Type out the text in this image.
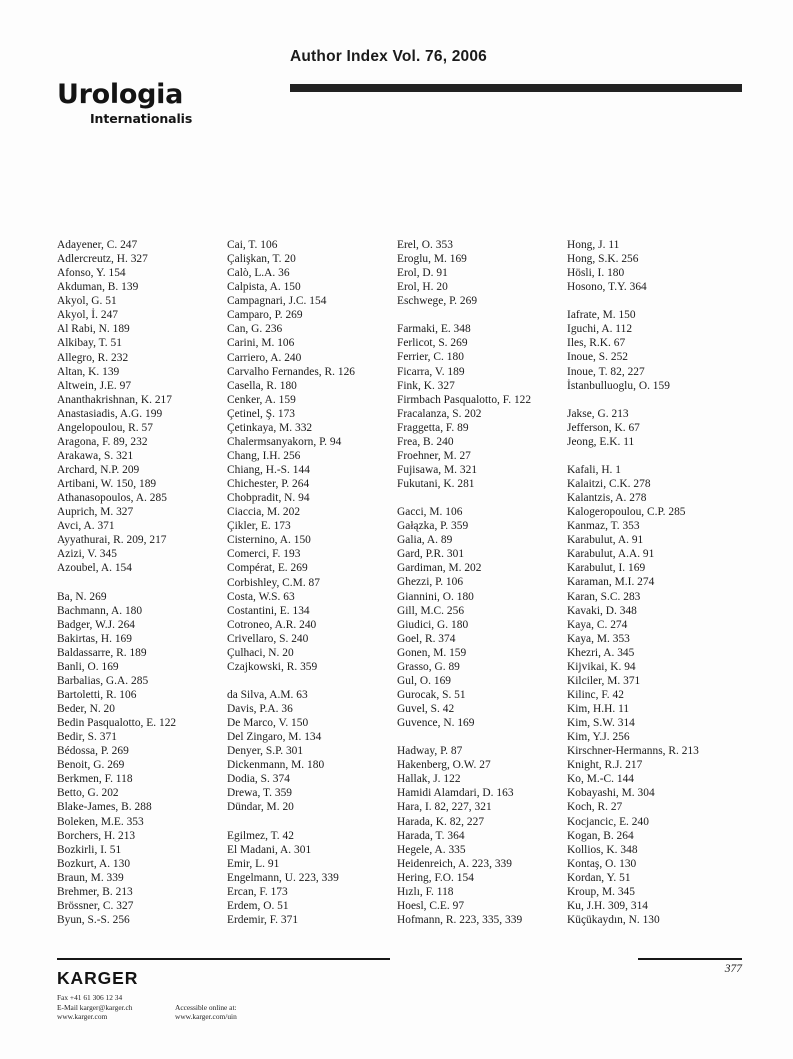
Author Index Vol. 76, 2006
Urologia
Internationalis
Adayener, C. 247
Adlercreutz, H. 327
Afonso, Y. 154
Akduman, B. 139
Akyol, G. 51
Akyol, İ. 247
Al Rabi, N. 189
Alkibay, T. 51
Allegro, R. 232
Altan, K. 139
Altwein, J.E. 97
Ananthakrishnan, K. 217
Anastasiadis, A.G. 199
Angelopoulou, R. 57
Aragona, F. 89, 232
Arakawa, S. 321
Archard, N.P. 209
Artibani, W. 150, 189
Athanasopoulos, A. 285
Auprich, M. 327
Avci, A. 371
Ayyathurai, R. 209, 217
Azizi, V. 345
Azoubel, A. 154
Ba, N. 269
Bachmann, A. 180
Badger, W.J. 264
Bakirtas, H. 169
Baldassarre, R. 189
Banli, O. 169
Barbalias, G.A. 285
Bartoletti, R. 106
Beder, N. 20
Bedin Pasqualotto, E. 122
Bedir, S. 371
Bédossa, P. 269
Benoit, G. 269
Berkmen, F. 118
Betto, G. 202
Blake-James, B. 288
Boleken, M.E. 353
Borchers, H. 213
Bozkirli, I. 51
Bozkurt, A. 130
Braun, M. 339
Brehmer, B. 213
Brössner, C. 327
Byun, S.-S. 256
Cai, T. 106
Çalişkan, T. 20
Calò, L.A. 36
Calpista, A. 150
Campagnari, J.C. 154
Camparo, P. 269
Can, G. 236
Carini, M. 106
Carriero, A. 240
Carvalho Fernandes, R. 126
Casella, R. 180
Cenker, A. 159
Çetinel, Ş. 173
Çetinkaya, M. 332
Chalermsanyakorn, P. 94
Chang, I.H. 256
Chiang, H.-S. 144
Chichester, P. 264
Chobpradit, N. 94
Ciaccia, M. 202
Çikler, E. 173
Cisternino, A. 150
Comerci, F. 193
Compérat, E. 269
Corbishley, C.M. 87
Costa, W.S. 63
Costantini, E. 134
Cotroneo, A.R. 240
Crivellaro, S. 240
Çulhaci, N. 20
Czajkowski, R. 359
da Silva, A.M. 63
Davis, P.A. 36
De Marco, V. 150
Del Zingaro, M. 134
Denyer, S.P. 301
Dickenmann, M. 180
Dodia, S. 374
Drewa, T. 359
Dündar, M. 20
Egilmez, T. 42
El Madani, A. 301
Emir, L. 91
Engelmann, U. 223, 339
Ercan, F. 173
Erdem, O. 51
Erdemir, F. 371
Erel, O. 353
Eroglu, M. 169
Erol, D. 91
Erol, H. 20
Eschwege, P. 269
Farmaki, E. 348
Ferlicot, S. 269
Ferrier, C. 180
Ficarra, V. 189
Fink, K. 327
Firmbach Pasqualotto, F. 122
Fracalanza, S. 202
Fraggetta, F. 89
Frea, B. 240
Froehner, M. 27
Fujisawa, M. 321
Fukutani, K. 281
Gacci, M. 106
Gałązka, P. 359
Galia, A. 89
Gard, P.R. 301
Gardiman, M. 202
Ghezzi, P. 106
Giannini, O. 180
Gill, M.C. 256
Giudici, G. 180
Goel, R. 374
Gonen, M. 159
Grasso, G. 89
Gul, O. 169
Gurocak, S. 51
Guvel, S. 42
Guvence, N. 169
Hadway, P. 87
Hakenberg, O.W. 27
Hallak, J. 122
Hamidi Alamdari, D. 163
Hara, I. 82, 227, 321
Harada, K. 82, 227
Harada, T. 364
Hegele, A. 335
Heidenreich, A. 223, 339
Hering, F.O. 154
Hızlı, F. 118
Hoesl, C.E. 97
Hofmann, R. 223, 335, 339
Hong, J. 11
Hong, S.K. 256
Hösli, I. 180
Hosono, T.Y. 364
Iafrate, M. 150
Iguchi, A. 112
Iles, R.K. 67
Inoue, S. 252
Inoue, T. 82, 227
İstanbulluoglu, O. 159
Jakse, G. 213
Jefferson, K. 67
Jeong, E.K. 11
Kafali, H. 1
Kalaitzi, C.K. 278
Kalantzis, A. 278
Kalogeropoulou, C.P. 285
Kanmaz, T. 353
Karabulut, A. 91
Karabulut, A.A. 91
Karabulut, I. 169
Karaman, M.I. 274
Karan, S.C. 283
Kavaki, D. 348
Kaya, C. 274
Kaya, M. 353
Khezri, A. 345
Kijvikai, K. 94
Kilciler, M. 371
Kilinc, F. 42
Kim, H.H. 11
Kim, S.W. 314
Kim, Y.J. 256
Kirschner-Hermanns, R. 213
Knight, R.J. 217
Ko, M.-C. 144
Kobayashi, M. 304
Koch, R. 27
Kocjancic, E. 240
Kogan, B. 264
Kollios, K. 348
Kontaş, O. 130
Kordan, Y. 51
Kroup, M. 345
Ku, J.H. 309, 314
Küçükaydın, N. 130
KARGER
Fax +41 61 306 12 34
E-Mail karger@karger.ch
www.karger.com
Accessible online at:
www.karger.com/uin
377
